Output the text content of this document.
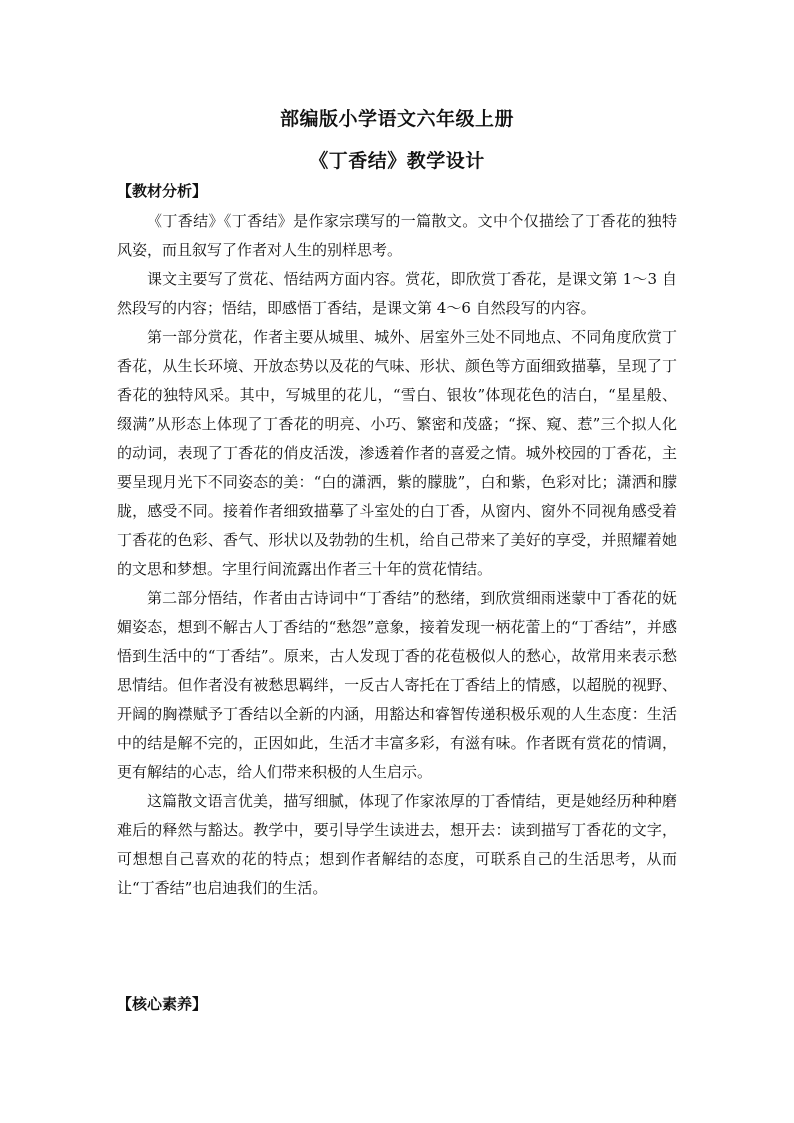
部编版小学语文六年级上册
《丁香结》教学设计
【教材分析】

《丁香结》《丁香结》是作家宗璞写的一篇散文。文中个仅描绘了丁香花的独特风姿，而且叙写了作者对人生的别样思考。

课文主要写了赏花、悟结两方面内容。赏花，即欣赏丁香花，是课文第 1～3 自然段写的内容；悟结，即感悟丁香结，是课文第 4～6 自然段写的内容。

第一部分赏花，作者主要从城里、城外、居室外三处不同地点、不同角度欣赏丁香花，从生长环境、开放态势以及花的气味、形状、颜色等方面细致描摹，呈现了丁香花的独特风采。其中，写城里的花儿，“雪白、银妆”体现花色的洁白，“星星般、缀满”从形态上体现了丁香花的明亮、小巧、繁密和茂盛；“探、窥、惹”三个拟人化的动词，表现了丁香花的俏皮活泼，渗透着作者的喜爱之情。城外校园的丁香花，主要呈现月光下不同姿态的美：“白的潇洒，紫的朦胧”，白和紫，色彩对比；潇洒和朦胧，感受不同。接着作者细致描摹了斗室处的白丁香，从窗内、窗外不同视角感受着丁香花的色彩、香气、形状以及勃勃的生机，给自己带来了美好的享受，并照耀着她的文思和梦想。字里行间流露出作者三十年的赏花情结。

第二部分悟结，作者由古诗词中“丁香结”的愁绪，到欣赏细雨迷蒙中丁香花的妩媚姿态，想到不解古人丁香结的“愁怨”意象，接着发现一柄花蕾上的“丁香结”，并感悟到生活中的“丁香结”。原来，古人发现丁香的花苞极似人的愁心，故常用来表示愁思情结。但作者没有被愁思羁绊，一反古人寄托在丁香结上的情感，以超脱的视野、开阔的胸襟赋予丁香结以全新的内涵，用豁达和睿智传递积极乐观的人生态度：生活中的结是解不完的，正因如此，生活才丰富多彩，有滋有味。作者既有赏花的情调，更有解结的心志，给人们带来积极的人生启示。

这篇散文语言优美，描写细腻，体现了作家浓厚的丁香情结，更是她经历种种磨难后的释然与豁达。教学中，要引导学生读进去，想开去：读到描写丁香花的文字，可想想自己喜欢的花的特点；想到作者解结的态度，可联系自己的生活思考，从而让“丁香结”也启迪我们的生活。

【核心素养】
